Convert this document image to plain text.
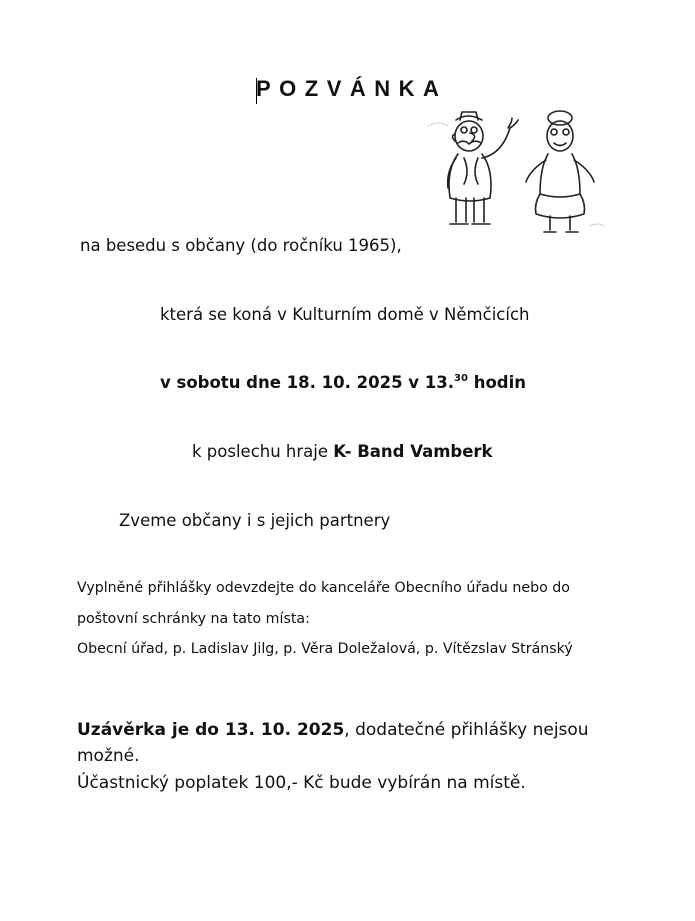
POZVÁNKA
na besedu s občany (do ročníku 1965),
která se koná v Kulturním domě v Němčicích
v sobotu dne 18. 10. 2025 v 13.30 hodin
k poslechu hraje K- Band Vamberk
Zveme občany i s jejich partnery
Vyplněné přihlášky odevzdejte do kanceláře Obecního úřadu nebo do
poštovní schránky na tato místa:
Obecní úřad, p. Ladislav Jilg, p. Věra Doležalová, p. Vítězslav Stránský
Uzávěrka je do 13. 10. 2025, dodatečné přihlášky nejsou
možné.
Účastnický poplatek 100,- Kč bude vybírán na místě.
